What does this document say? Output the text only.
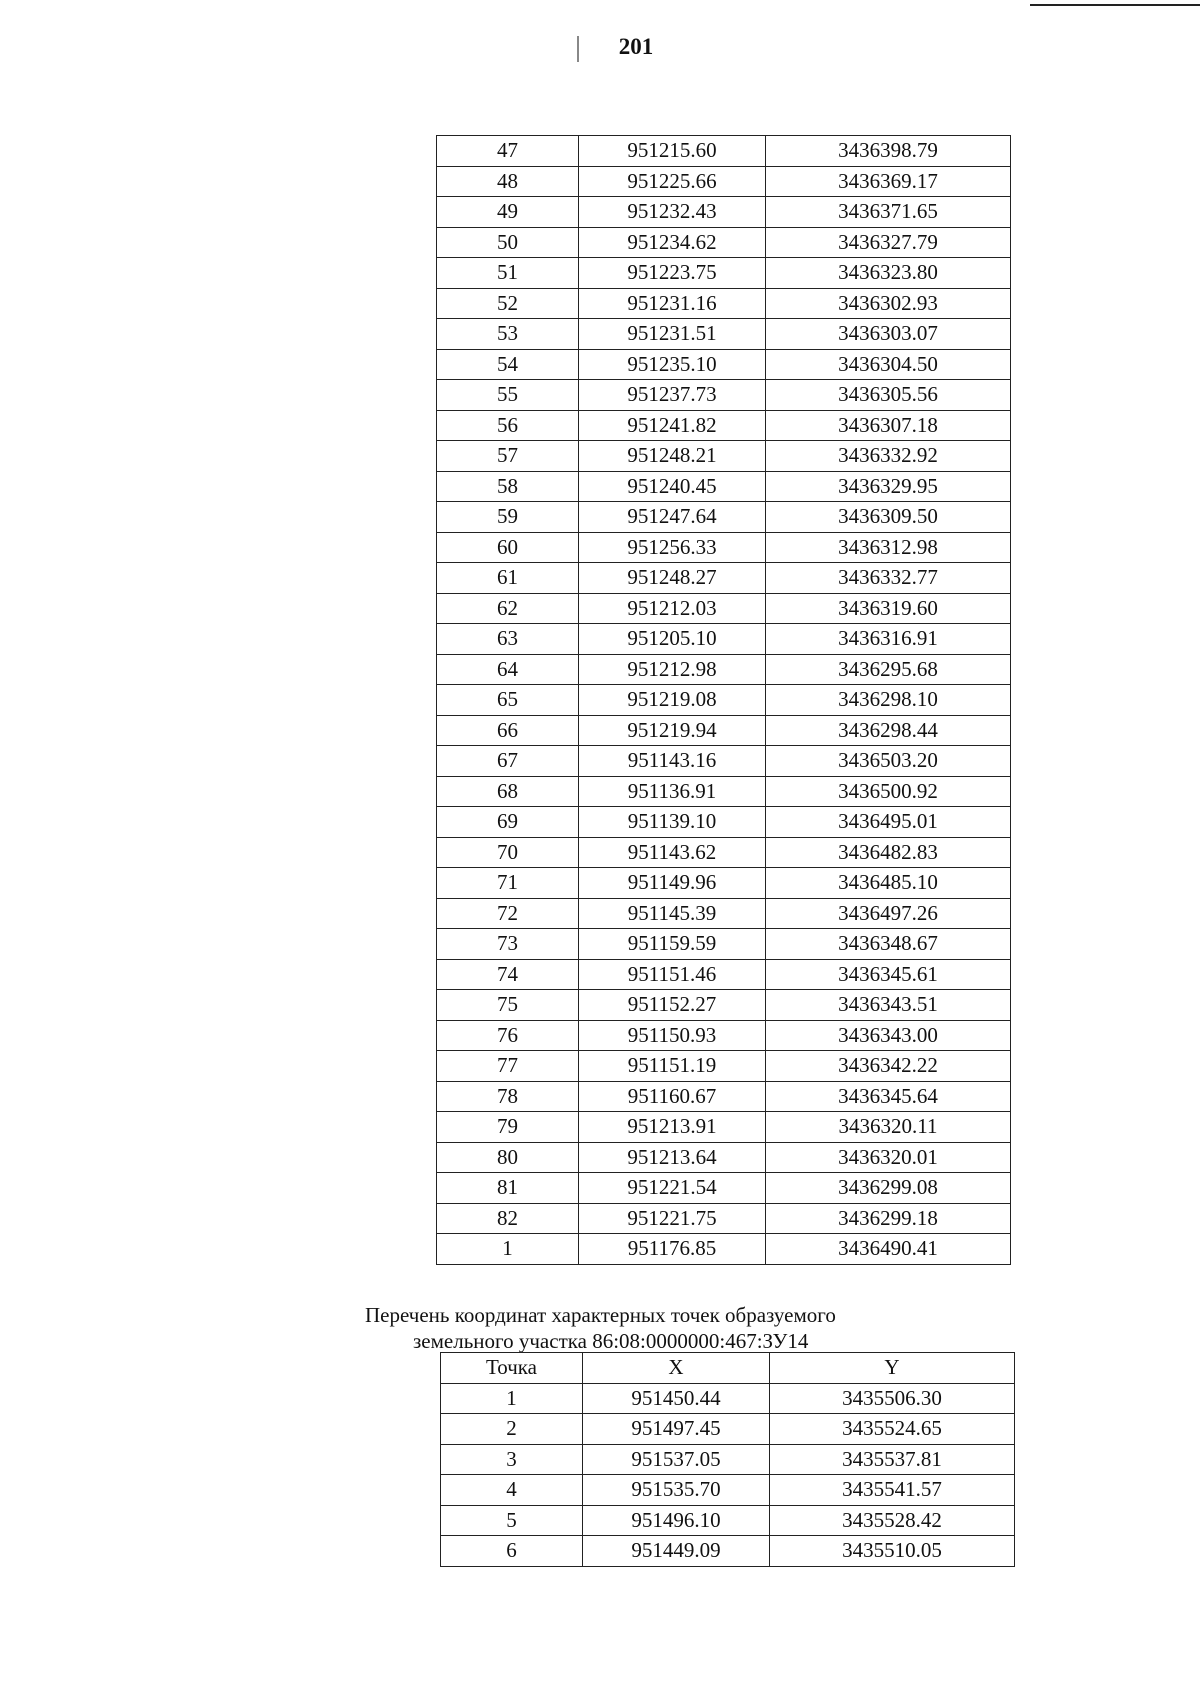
201
47	951215.60	3436398.79
48	951225.66	3436369.17
49	951232.43	3436371.65
50	951234.62	3436327.79
51	951223.75	3436323.80
52	951231.16	3436302.93
53	951231.51	3436303.07
54	951235.10	3436304.50
55	951237.73	3436305.56
56	951241.82	3436307.18
57	951248.21	3436332.92
58	951240.45	3436329.95
59	951247.64	3436309.50
60	951256.33	3436312.98
61	951248.27	3436332.77
62	951212.03	3436319.60
63	951205.10	3436316.91
64	951212.98	3436295.68
65	951219.08	3436298.10
66	951219.94	3436298.44
67	951143.16	3436503.20
68	951136.91	3436500.92
69	951139.10	3436495.01
70	951143.62	3436482.83
71	951149.96	3436485.10
72	951145.39	3436497.26
73	951159.59	3436348.67
74	951151.46	3436345.61
75	951152.27	3436343.51
76	951150.93	3436343.00
77	951151.19	3436342.22
78	951160.67	3436345.64
79	951213.91	3436320.11
80	951213.64	3436320.01
81	951221.54	3436299.08
82	951221.75	3436299.18
1	951176.85	3436490.41
Перечень координат характерных точек образуемого
земельного участка 86:08:0000000:467:ЗУ14
Точка	X	Y
1	951450.44	3435506.30
2	951497.45	3435524.65
3	951537.05	3435537.81
4	951535.70	3435541.57
5	951496.10	3435528.42
6	951449.09	3435510.05
